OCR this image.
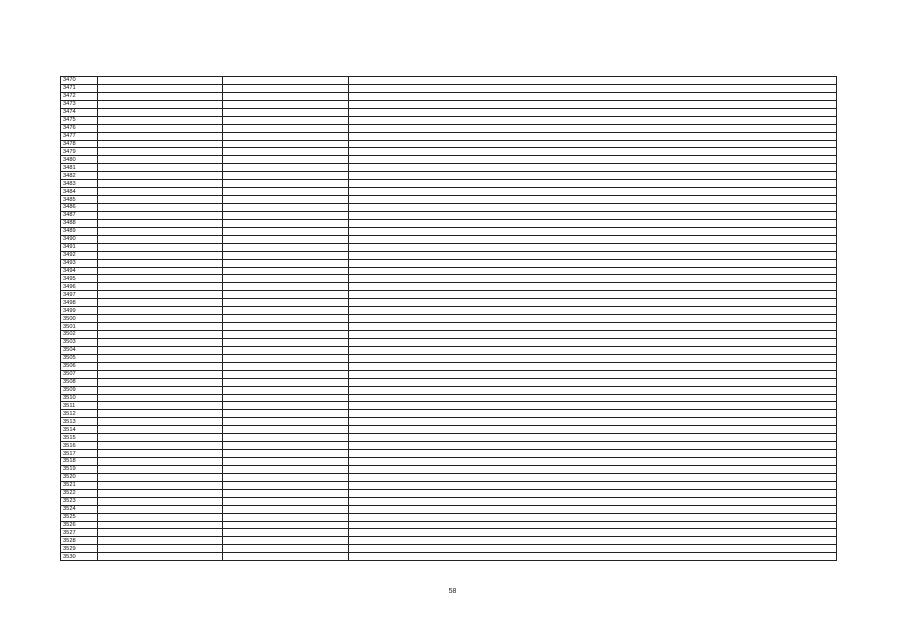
3470			
3471			
3472			
3473			
3474			
3475			
3476			
3477			
3478			
3479			
3480			
3481			
3482			
3483			
3484			
3485			
3486			
3487			
3488			
3489			
3490			
3491			
3492			
3493			
3494			
3495			
3496			
3497			
3498			
3499			
3500			
3501			
3502			
3503			
3504			
3505			
3506			
3507			
3508			
3509			
3510			
3511			
3512			
3513			
3514			
3515			
3516			
3517			
3518			
3519			
3520			
3521			
3522			
3523			
3524			
3525			
3526			
3527			
3528			
3529			
3530			
58
